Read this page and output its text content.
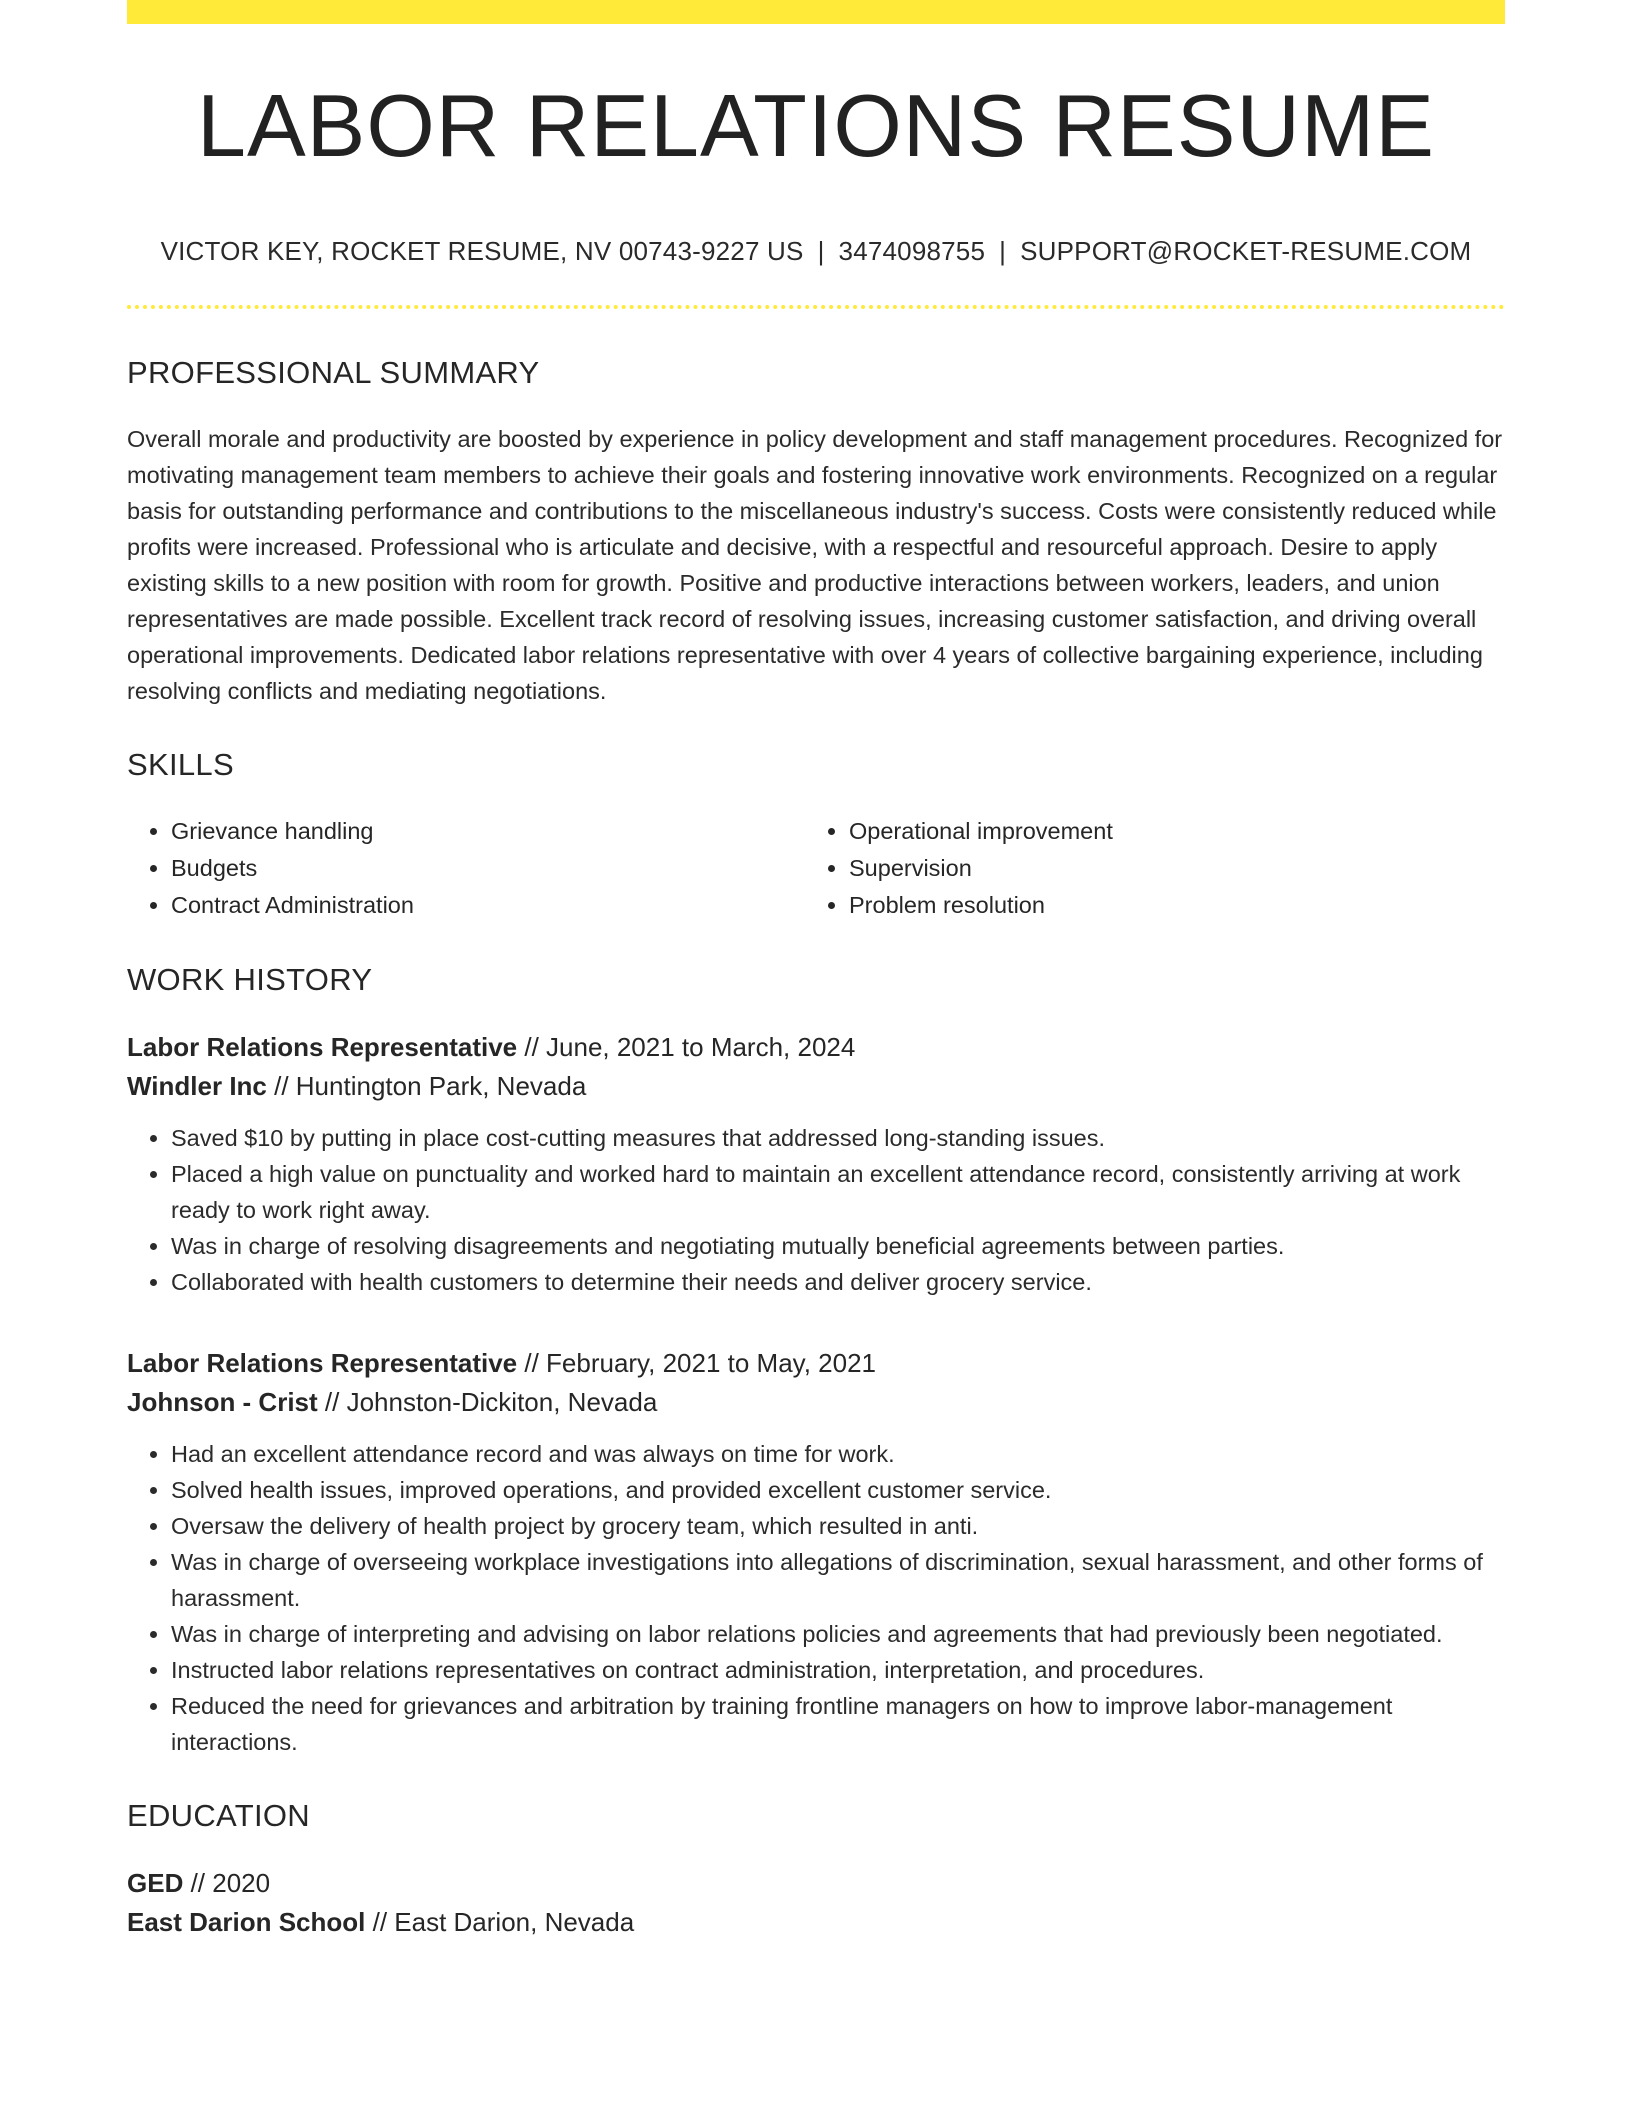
LABOR RELATIONS RESUME
VICTOR KEY, ROCKET RESUME, NV 00743-9227 US | 3474098755 | SUPPORT@ROCKET-RESUME.COM
PROFESSIONAL SUMMARY

Overall morale and productivity are boosted by experience in policy development and staff management procedures. Recognized for motivating management team members to achieve their goals and fostering innovative work environments. Recognized on a regular basis for outstanding performance and contributions to the miscellaneous industry's success. Costs were consistently reduced while profits were increased. Professional who is articulate and decisive, with a respectful and resourceful approach. Desire to apply existing skills to a new position with room for growth. Positive and productive interactions between workers, leaders, and union representatives are made possible. Excellent track record of resolving issues, increasing customer satisfaction, and driving overall operational improvements. Dedicated labor relations representative with over 4 years of collective bargaining experience, including resolving conflicts and mediating negotiations.

SKILLS
• Grievance handling
• Budgets
• Contract Administration
• Operational improvement
• Supervision
• Problem resolution
WORK HISTORY
Labor Relations Representative // June, 2021 to March, 2024
Windler Inc // Huntington Park, Nevada
• Saved $10 by putting in place cost-cutting measures that addressed long-standing issues.
• Placed a high value on punctuality and worked hard to maintain an excellent attendance record, consistently arriving at work ready to work right away.
• Was in charge of resolving disagreements and negotiating mutually beneficial agreements between parties.
• Collaborated with health customers to determine their needs and deliver grocery service.
Labor Relations Representative // February, 2021 to May, 2021
Johnson - Crist // Johnston-Dickiton, Nevada
• Had an excellent attendance record and was always on time for work.
• Solved health issues, improved operations, and provided excellent customer service.
• Oversaw the delivery of health project by grocery team, which resulted in anti.
• Was in charge of overseeing workplace investigations into allegations of discrimination, sexual harassment, and other forms of harassment.
• Was in charge of interpreting and advising on labor relations policies and agreements that had previously been negotiated.
• Instructed labor relations representatives on contract administration, interpretation, and procedures.
• Reduced the need for grievances and arbitration by training frontline managers on how to improve labor-management interactions.
EDUCATION
GED // 2020
East Darion School // East Darion, Nevada
